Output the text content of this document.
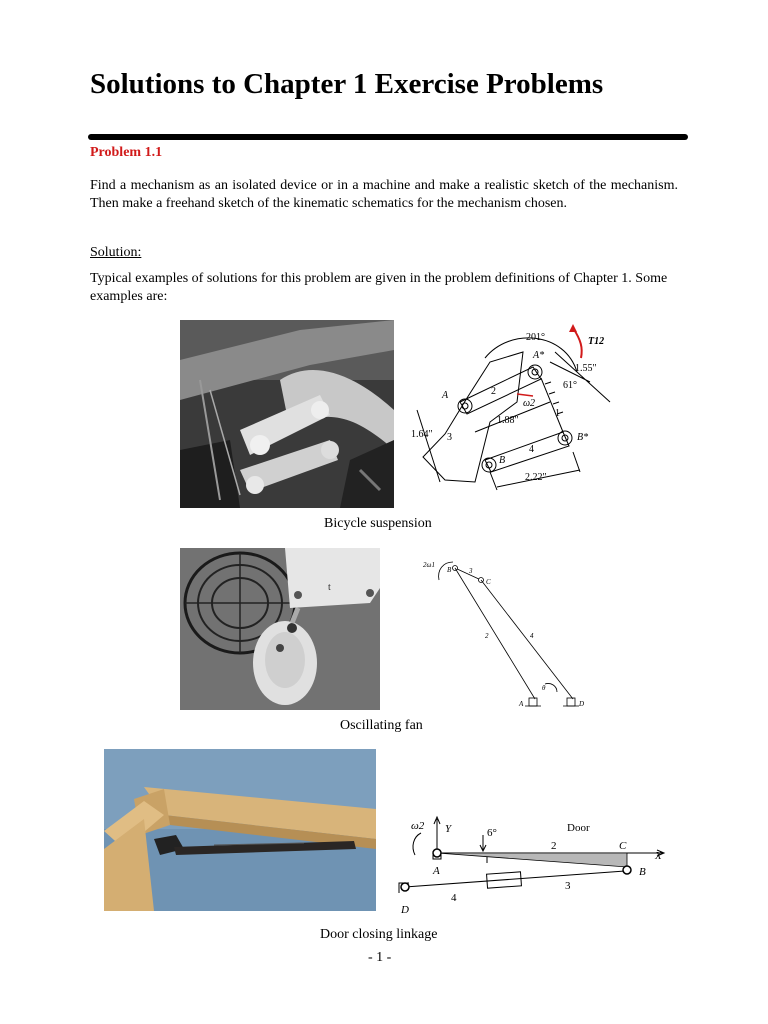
Solutions to Chapter 1 Exercise Problems
Problem 1.1
Find a mechanism as an isolated device or in a machine and make a realistic sketch of the mechanism. Then make a freehand sketch of the kinematic schematics for the mechanism chosen.
Solution:
Typical examples of solutions for this problem are given in the problem definitions of Chapter 1. Some examples are:
201°
A*
T12
1.55"
61°
A	2
ω2
1
1.88"
1.64" 3
4
B*
B
2.22"
Bicycle suspension
t
2ω1
B	3
C
2	4
θ
A	D
Oscillating fan
ω2 Y	6°	Door
2	C
X
A	B
3
4
D
Door closing linkage
- 1 -
